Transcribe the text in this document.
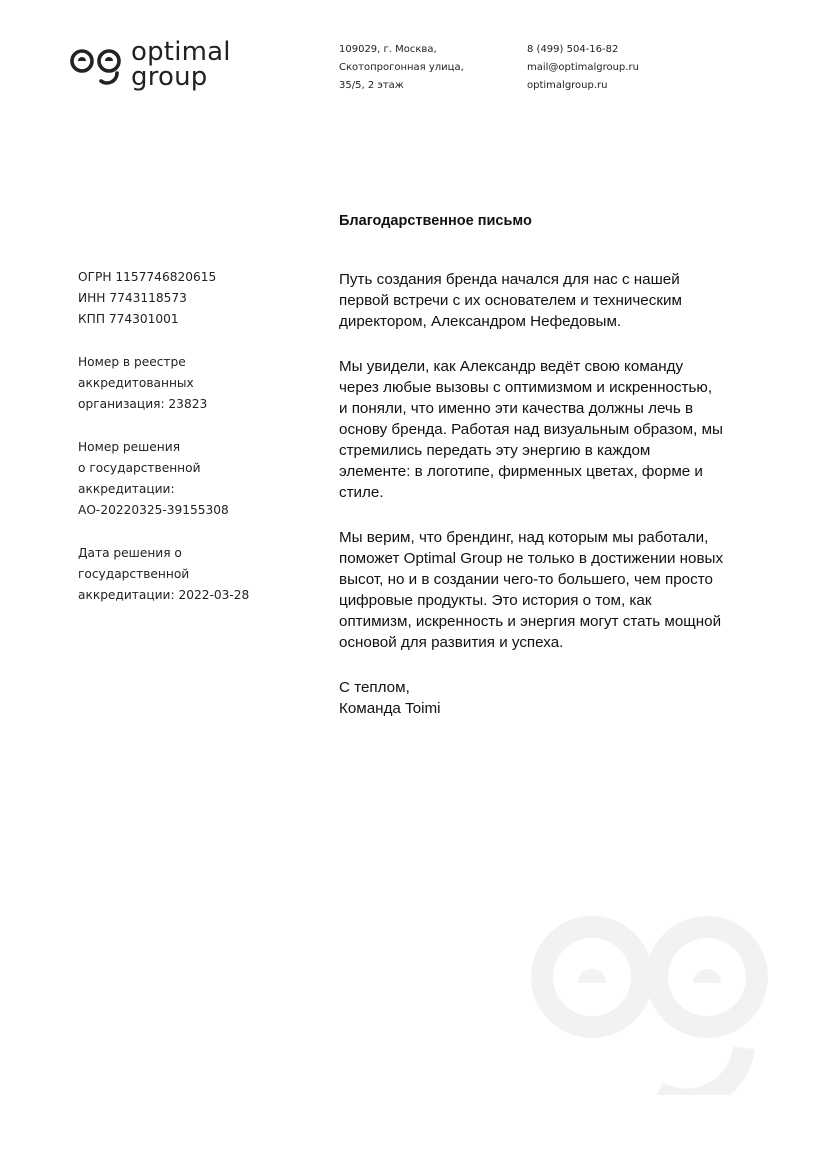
optimal
group
109029, г. Москва,
Скотопрогонная улица,
35/5, 2 этаж
8 (499) 504-16-82
mail@optimalgroup.ru
optimalgroup.ru
ОГРН 1157746820615
ИНН 7743118573
КПП 774301001
Номер в реестре
аккредитованных
организация: 23823
Номер решения
о государственной
аккредитации:
АО-20220325-39155308
Дата решения о
государственной
аккредитации: 2022-03-28
Благодарственное письмо

Путь создания бренда начался для нас с нашей
первой встречи с их основателем и техническим
директором, Александром Нефедовым.

Мы увидели, как Александр ведёт свою команду
через любые вызовы с оптимизмом и искренностью,
и поняли, что именно эти качества должны лечь в
основу бренда. Работая над визуальным образом, мы
стремились передать эту энергию в каждом
элементе: в логотипе, фирменных цветах, форме и
стиле.

Мы верим, что брендинг, над которым мы работали,
поможет Optimal Group не только в достижении новых
высот, но и в создании чего-то большего, чем просто
цифровые продукты. Это история о том, как
оптимизм, искренность и энергия могут стать мощной
основой для развития и успеха.

С теплом,
Команда Toimi
